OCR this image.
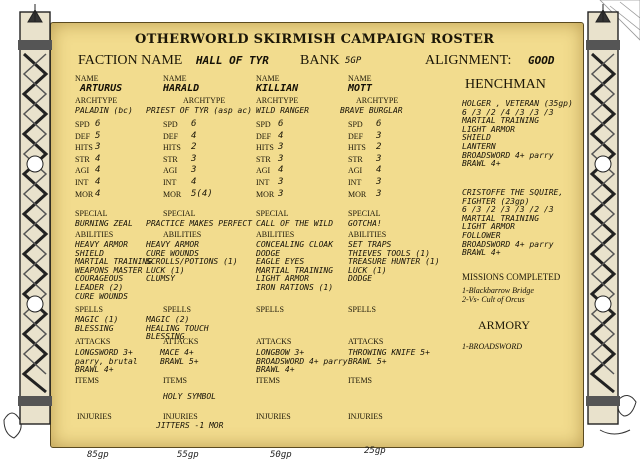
OTHERWORLD SKIRMISH CAMPAIGN ROSTER
FACTION NAME HALL OF TYR BANK 5GP	ALIGNMENT: GOOD
HENCHMAN
NAME
ARTURUS
ARCHTYPE
PALADIN (bc)
NAME
HARALD
ARCHTYPE
PRIEST OF TYR (asp ac)
NAME
KILLIAN
ARCHTYPE
WILD RANGER
NAME
MOTT
ARCHTYPE
BRAVE BURGLAR
HOLGER , VETERAN (35gp)
6 /3 /2 /4 /3 /3 /3
MARTIAL TRAINING
LIGHT ARMOR
SHIELD
LANTERN
BROADSWORD 4+ parry
BRAWL 4+
CRISTOFFE THE SQUIRE,
FIGHTER (23gp)
6 /3 /2 /3 /3 /2 /3
MARTIAL TRAINING
LIGHT ARMOR
FOLLOWER
BROADSWORD 4+ parry
BRAWL 4+
MISSIONS COMPLETED
1-Blackbarrow Bridge
2-Vs- Cult of Orcus
ARMORY
1-BROADSWORD
85gp	55gp	50gp	25gp
SPD 6
DEF 5
HITS 3
STR 4
AGI 4
INT 4
MOR 4
SPECIAL
BURNING ZEAL
ABILITIES
HEAVY ARMOR
SHIELD
MARTIAL TRAINING
WEAPONS MASTER
COURAGEOUS
LEADER (2)
CURE WOUNDS
SPELLS
MAGIC (1)
BLESSING
ATTACKS
LONGSWORD 3+
parry, brutal
BRAWL 4+
ITEMS
INJURIES
SPD 6
DEF 4
HITS 2
STR 3
AGI 3
INT 4
MOR 5(4)
SPECIAL
PRACTICE MAKES PERFECT
ABILITIES
HEAVY ARMOR
CURE WOUNDS
SCROLLS/POTIONS (1)
LUCK (1)
CLUMSY
SPELLS
MAGIC (2)
HEALING TOUCH
BLESSING
ATTACKS
MACE 4+
BRAWL 5+
ITEMS
HOLY SYMBOL
INJURIES
JITTERS -1 MOR
SPD 6
DEF 4
HITS 3
STR 3
AGI 4
INT 3
MOR 3
SPECIAL
CALL OF THE WILD
ABILITIES
CONCEALING CLOAK
DODGE
EAGLE EYES
MARTIAL TRAINING
LIGHT ARMOR
IRON RATIONS (1)
SPELLS
ATTACKS
LONGBOW 3+
BROADSWORD 4+ parry
BRAWL 4+
ITEMS
INJURIES
SPD 6
DEF 3
HITS 2
STR 3
AGI 4
INT 3
MOR 3
SPECIAL
GOTCHA!
ABILITIES
SET TRAPS
THIEVES TOOLS (1)
TREASURE HUNTER (1)
LUCK (1)
DODGE
SPELLS
ATTACKS
THROWING KNIFE 5+
BRAWL 5+
ITEMS
INJURIES
